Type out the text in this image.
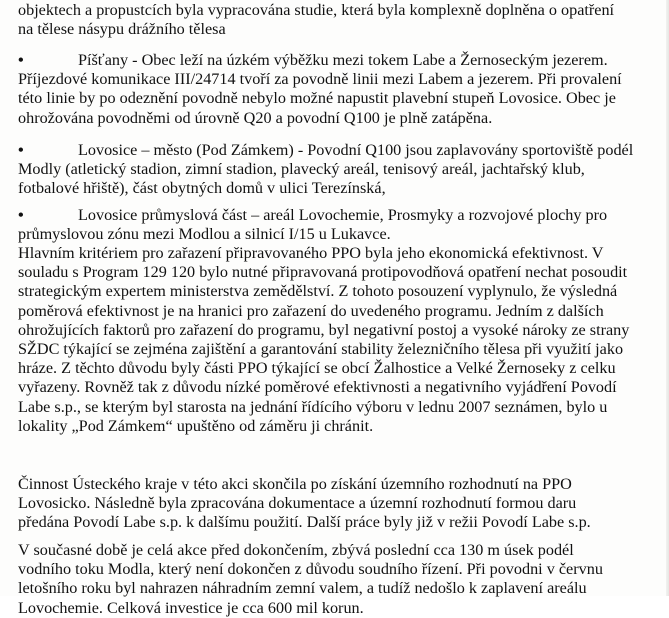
objektech a propustcích byla vypracována studie, která byla komplexně doplněna o opatření
na tělese násypu drážního tělesa
•	Píšťany - Obec leží na úzkém výběžku mezi tokem Labe a Žernoseckým jezerem.
Příjezdové komunikace III/24714 tvoří za povodně linii mezi Labem a jezerem. Při provalení
této linie by po odeznění povodně nebylo možné napustit plavební stupeň Lovosice. Obec je
ohrožována povodněmi od úrovně Q20 a povodní Q100 je plně zatápěna.
•	Lovosice – město (Pod Zámkem) - Povodní Q100 jsou zaplavovány sportoviště podél
Modly (atletický stadion, zimní stadion, plavecký areál, tenisový areál, jachtařský klub,
fotbalové hřiště), část obytných domů v ulici Terezínská,
•	Lovosice průmyslová část – areál Lovochemie, Prosmyky a rozvojové plochy pro
průmyslovou zónu mezi Modlou a silnicí I/15 u Lukavce.
Hlavním kritériem pro zařazení připravovaného PPO byla jeho ekonomická efektivnost. V
souladu s Program 129 120 bylo nutné připravovaná protipovodňová opatření nechat posoudit
strategickým expertem ministerstva zemědělství. Z tohoto posouzení vyplynulo, že výsledná
poměrová efektivnost je na hranici pro zařazení do uvedeného programu. Jedním z dalších
ohrožujících faktorů pro zařazení do programu, byl negativní postoj a vysoké nároky ze strany
SŽDC týkající se zejména zajištění a garantování stability železničního tělesa při využití jako
hráze. Z těchto důvodu byly části PPO týkající se obcí Žalhostice a Velké Žernoseky z celku
vyřazeny. Rovněž tak z důvodu nízké poměrové efektivnosti a negativního vyjádření Povodí
Labe s.p., se kterým byl starosta na jednání řídícího výboru v lednu 2007 seznámen, bylo u
lokality „Pod Zámkem“ upuštěno od záměru ji chránit.
Činnost Ústeckého kraje v této akci skončila po získání územního rozhodnutí na PPO
Lovosicko. Následně byla zpracována dokumentace a územní rozhodnutí formou daru
předána Povodí Labe s.p. k dalšímu použití. Další práce byly již v režii Povodí Labe s.p.
V současné době je celá akce před dokončením, zbývá poslední cca 130 m úsek podél
vodního toku Modla, který není dokončen z důvodu soudního řízení. Při povodni v červnu
letošního roku byl nahrazen náhradním zemní valem, a tudíž nedošlo k zaplavení areálu
Lovochemie. Celková investice je cca 600 mil korun.
